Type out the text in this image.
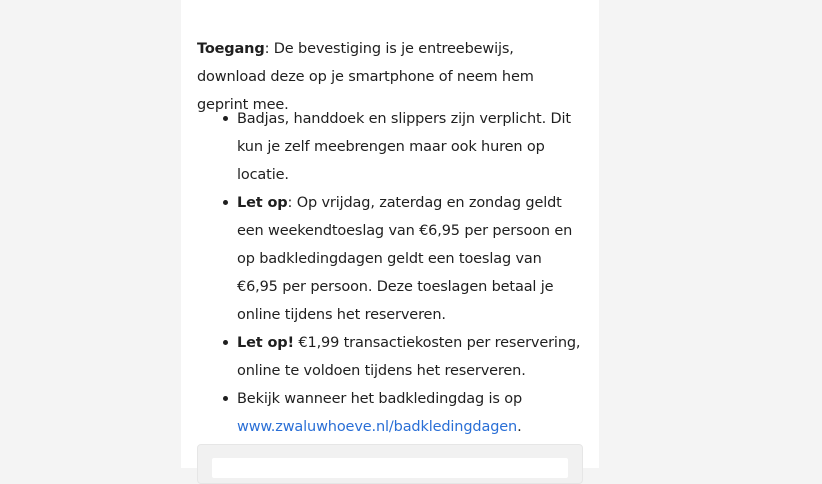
Toegang: De bevestiging is je entreebewijs, download deze op je smartphone of neem hem geprint mee.

Badjas, handdoek en slippers zijn verplicht. Dit kun je zelf meebrengen maar ook huren op locatie.
Let op: Op vrijdag, zaterdag en zondag geldt een weekendtoeslag van €6,95 per persoon en op badkledingdagen geldt een toeslag van €6,95 per persoon. Deze toeslagen betaal je online tijdens het reserveren.
Let op! €1,99 transactiekosten per reservering, online te voldoen tijdens het reserveren.
Bekijk wanneer het badkledingdag is op www.zwaluwhoeve.nl/badkledingdagen.
